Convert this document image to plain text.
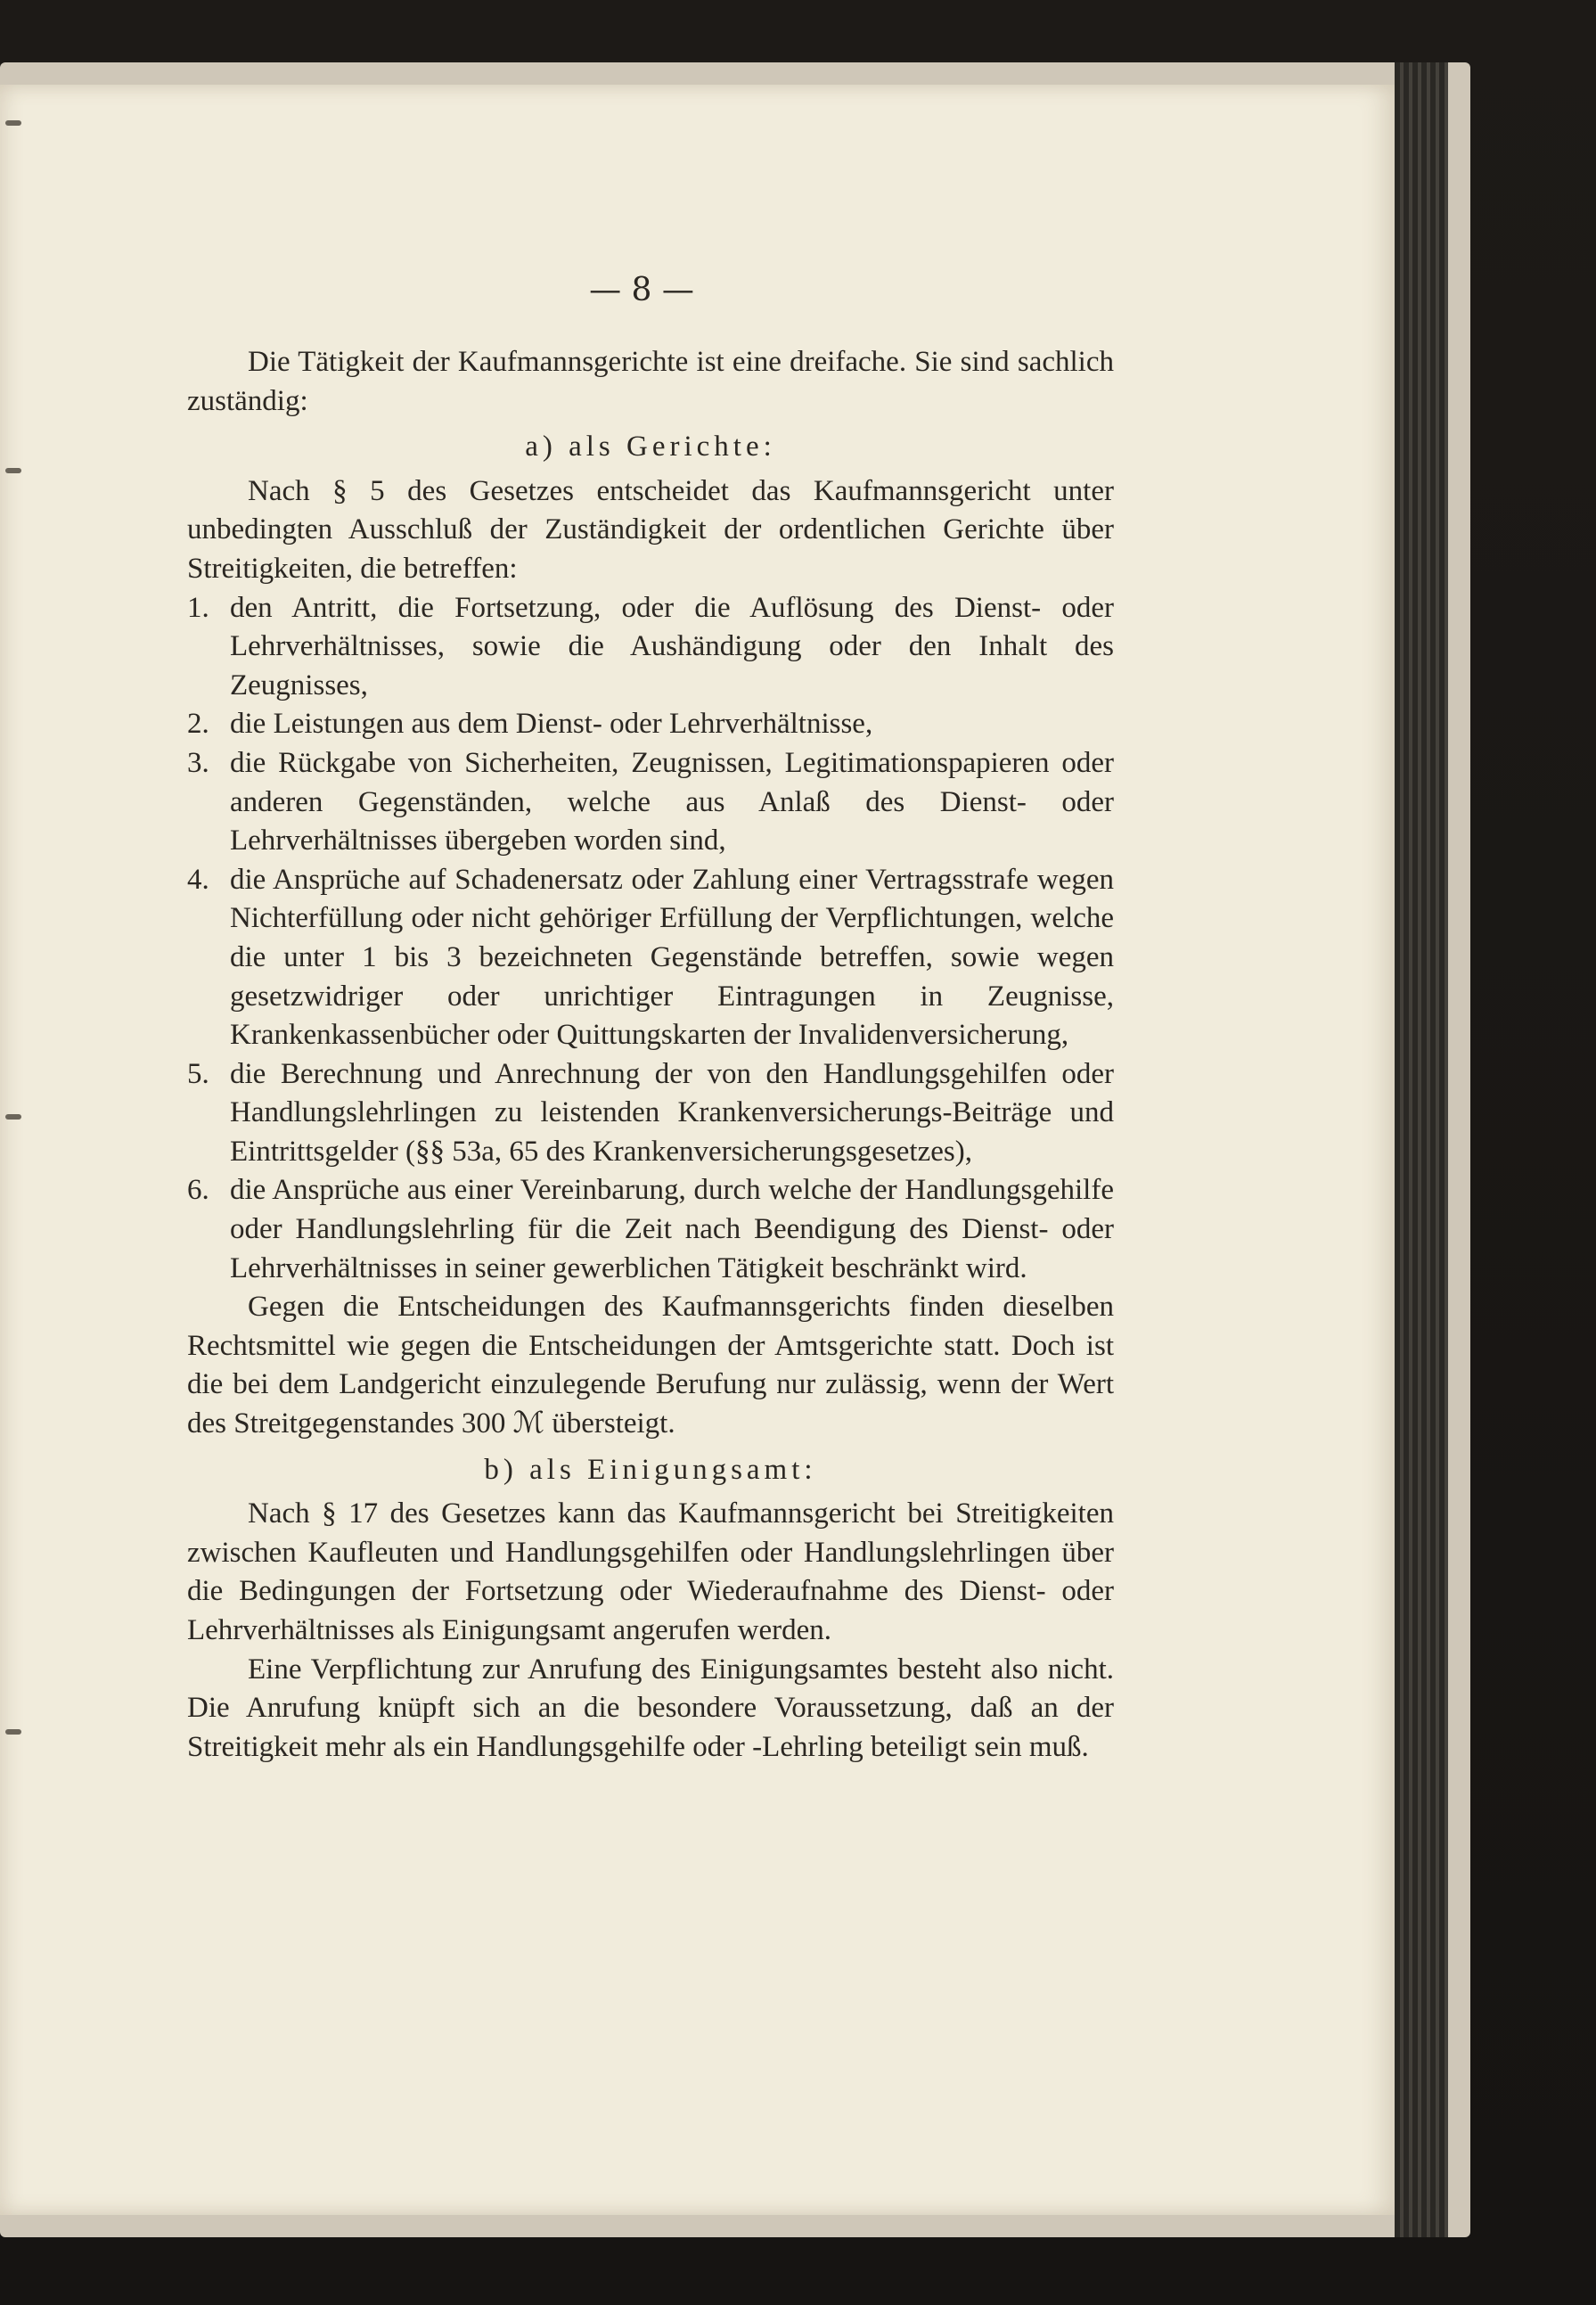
— 8 —

Die Tätigkeit der Kaufmannsgerichte ist eine dreifache. Sie sind sachlich zuständig:

a) als Gerichte:

Nach § 5 des Gesetzes entscheidet das Kaufmannsgericht unter unbedingten Ausschluß der Zuständigkeit der ordentlichen Gerichte über Streitigkeiten, die betreffen:

1. den Antritt, die Fortsetzung, oder die Auflösung des Dienst- oder Lehrverhältnisses, sowie die Aushändigung oder den Inhalt des Zeugnisses,
2. die Leistungen aus dem Dienst- oder Lehrverhältnisse,
3. die Rückgabe von Sicherheiten, Zeugnissen, Legitimationspapieren oder anderen Gegenständen, welche aus Anlaß des Dienst- oder Lehrverhältnisses übergeben worden sind,
4. die Ansprüche auf Schadenersatz oder Zahlung einer Vertragsstrafe wegen Nichterfüllung oder nicht gehöriger Erfüllung der Verpflichtungen, welche die unter 1 bis 3 bezeichneten Gegenstände betreffen, sowie wegen gesetzwidriger oder unrichtiger Eintragungen in Zeugnisse, Krankenkassenbücher oder Quittungskarten der Invalidenversicherung,
5. die Berechnung und Anrechnung der von den Handlungsgehilfen oder Handlungslehrlingen zu leistenden Krankenversicherungs-Beiträge und Eintrittsgelder (§§ 53a, 65 des Krankenversicherungsgesetzes),
6. die Ansprüche aus einer Vereinbarung, durch welche der Handlungsgehilfe oder Handlungslehrling für die Zeit nach Beendigung des Dienst- oder Lehrverhältnisses in seiner gewerblichen Tätigkeit beschränkt wird.

Gegen die Entscheidungen des Kaufmannsgerichts finden dieselben Rechtsmittel wie gegen die Entscheidungen der Amtsgerichte statt. Doch ist die bei dem Landgericht einzulegende Berufung nur zulässig, wenn der Wert des Streitgegenstandes 300 ℳ übersteigt.

b) als Einigungsamt:

Nach § 17 des Gesetzes kann das Kaufmannsgericht bei Streitigkeiten zwischen Kaufleuten und Handlungsgehilfen oder Handlungslehrlingen über die Bedingungen der Fortsetzung oder Wiederaufnahme des Dienst- oder Lehrverhältnisses als Einigungsamt angerufen werden.

Eine Verpflichtung zur Anrufung des Einigungsamtes besteht also nicht. Die Anrufung knüpft sich an die besondere Voraussetzung, daß an der Streitigkeit mehr als ein Handlungsgehilfe oder -Lehrling beteiligt sein muß.
